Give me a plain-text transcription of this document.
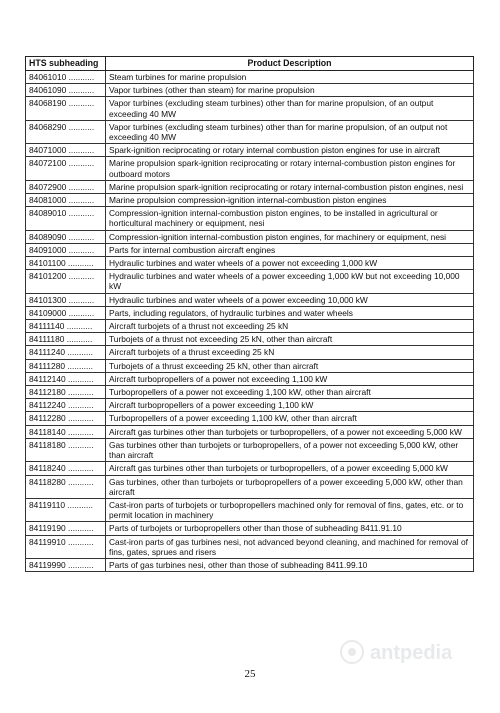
HTS subheading	Product Description
84061010 ...........	Steam turbines for marine propulsion
84061090 ...........	Vapor turbines (other than steam) for marine propulsion
84068190 ...........	Vapor turbines (excluding steam turbines) other than for marine propulsion, of an output exceeding 40 MW
84068290 ...........	Vapor turbines (excluding steam turbines) other than for marine propulsion, of an output not exceeding 40 MW
84071000 ...........	Spark-ignition reciprocating or rotary internal combustion piston engines for use in aircraft
84072100 ...........	Marine propulsion spark-ignition reciprocating or rotary internal-combustion piston engines for outboard motors
84072900 ...........	Marine propulsion spark-ignition reciprocating or rotary internal-combustion piston engines, nesi
84081000 ...........	Marine propulsion compression-ignition internal-combustion piston engines
84089010 ...........	Compression-ignition internal-combustion piston engines, to be installed in agricultural or horticultural machinery or equipment, nesi
84089090 ...........	Compression-ignition internal-combustion piston engines, for machinery or equipment, nesi
84091000 ...........	Parts for internal combustion aircraft engines
84101100 ...........	Hydraulic turbines and water wheels of a power not exceeding 1,000 kW
84101200 ...........	Hydraulic turbines and water wheels of a power exceeding 1,000 kW but not exceeding 10,000 kW
84101300 ...........	Hydraulic turbines and water wheels of a power exceeding 10,000 kW
84109000 ...........	Parts, including regulators, of hydraulic turbines and water wheels
84111140 ...........	Aircraft turbojets of a thrust not exceeding 25 kN
84111180 ...........	Turbojets of a thrust not exceeding 25 kN, other than aircraft
84111240 ...........	Aircraft turbojets of a thrust exceeding 25 kN
84111280 ...........	Turbojets of a thrust exceeding 25 kN, other than aircraft
84112140 ...........	Aircraft turbopropellers of a power not exceeding 1,100 kW
84112180 ...........	Turbopropellers of a power not exceeding 1,100 kW, other than aircraft
84112240 ...........	Aircraft turbopropellers of a power exceeding 1,100 kW
84112280 ...........	Turbopropellers of a power exceeding 1,100 kW, other than aircraft
84118140 ...........	Aircraft gas turbines other than turbojets or turbopropellers, of a power not exceeding 5,000 kW
84118180 ...........	Gas turbines other than turbojets or turbopropellers, of a power not exceeding 5,000 kW, other than aircraft
84118240 ...........	Aircraft gas turbines other than turbojets or turbopropellers, of a power exceeding 5,000 kW
84118280 ...........	Gas turbines, other than turbojets or turbopropellers of a power exceeding 5,000 kW, other than aircraft
84119110 ...........	Cast-iron parts of turbojets or turbopropellers machined only for removal of fins, gates, etc. or to permit location in machinery
84119190 ...........	Parts of turbojets or turbopropellers other than those of subheading 8411.91.10
84119910 ...........	Cast-iron parts of gas turbines nesi, not advanced beyond cleaning, and machined for removal of fins, gates, sprues and risers
84119990 ...........	Parts of gas turbines nesi, other than those of subheading 8411.99.10
25
antpedia
